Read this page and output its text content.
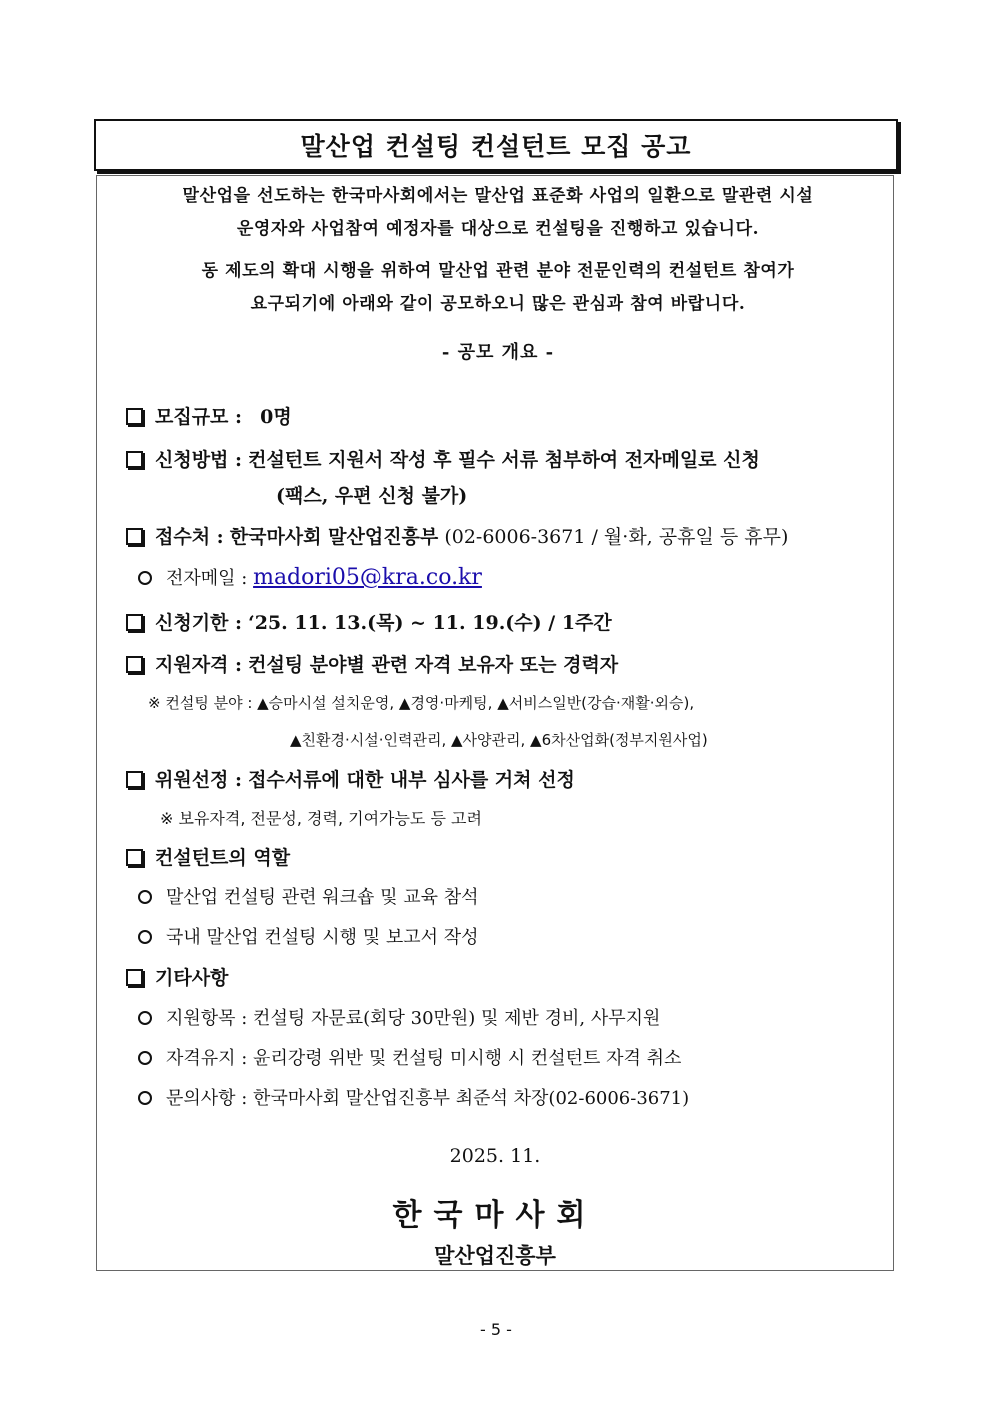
말산업 컨설팅 컨설턴트 모집 공고

말산업을 선도하는 한국마사회에서는 말산업 표준화 사업의 일환으로 말관련 시설

운영자와 사업참여 예정자를 대상으로 컨설팅을 진행하고 있습니다.

동 제도의 확대 시행을 위하여 말산업 관련 분야 전문인력의 컨설턴트 참여가

요구되기에 아래와 같이 공모하오니 많은 관심과 참여 바랍니다.

- 공모 개요 -
모집규모 : 0명
신청방법 : 컨설턴트 지원서 작성 후 필수 서류 첨부하여 전자메일로 신청
(팩스, 우편 신청 불가)
접수처 : 한국마사회 말산업진흥부 (02-6006-3671 / 월·화, 공휴일 등 휴무)
전자메일 : madori05@kra.co.kr
신청기한 : ‘25. 11. 13.(목) ~ 11. 19.(수) / 1주간
지원자격 : 컨설팅 분야별 관련 자격 보유자 또는 경력자
※ 컨설팅 분야 : ▲승마시설 설치운영, ▲경영·마케팅, ▲서비스일반(강습·재활·외승),
▲친환경·시설·인력관리, ▲사양관리, ▲6차산업화(정부지원사업)
위원선정 : 접수서류에 대한 내부 심사를 거쳐 선정
※ 보유자격, 전문성, 경력, 기여가능도 등 고려
컨설턴트의 역할
말산업 컨설팅 관련 워크숍 및 교육 참석
국내 말산업 컨설팅 시행 및 보고서 작성
기타사항
지원항목 : 컨설팅 자문료(회당 30만원) 및 제반 경비, 사무지원
자격유지 : 윤리강령 위반 및 컨설팅 미시행 시 컨설턴트 자격 취소
문의사항 : 한국마사회 말산업진흥부 최준석 차장(02-6006-3671)
2025. 11.
한국마사회
말산업진흥부
- 5 -
